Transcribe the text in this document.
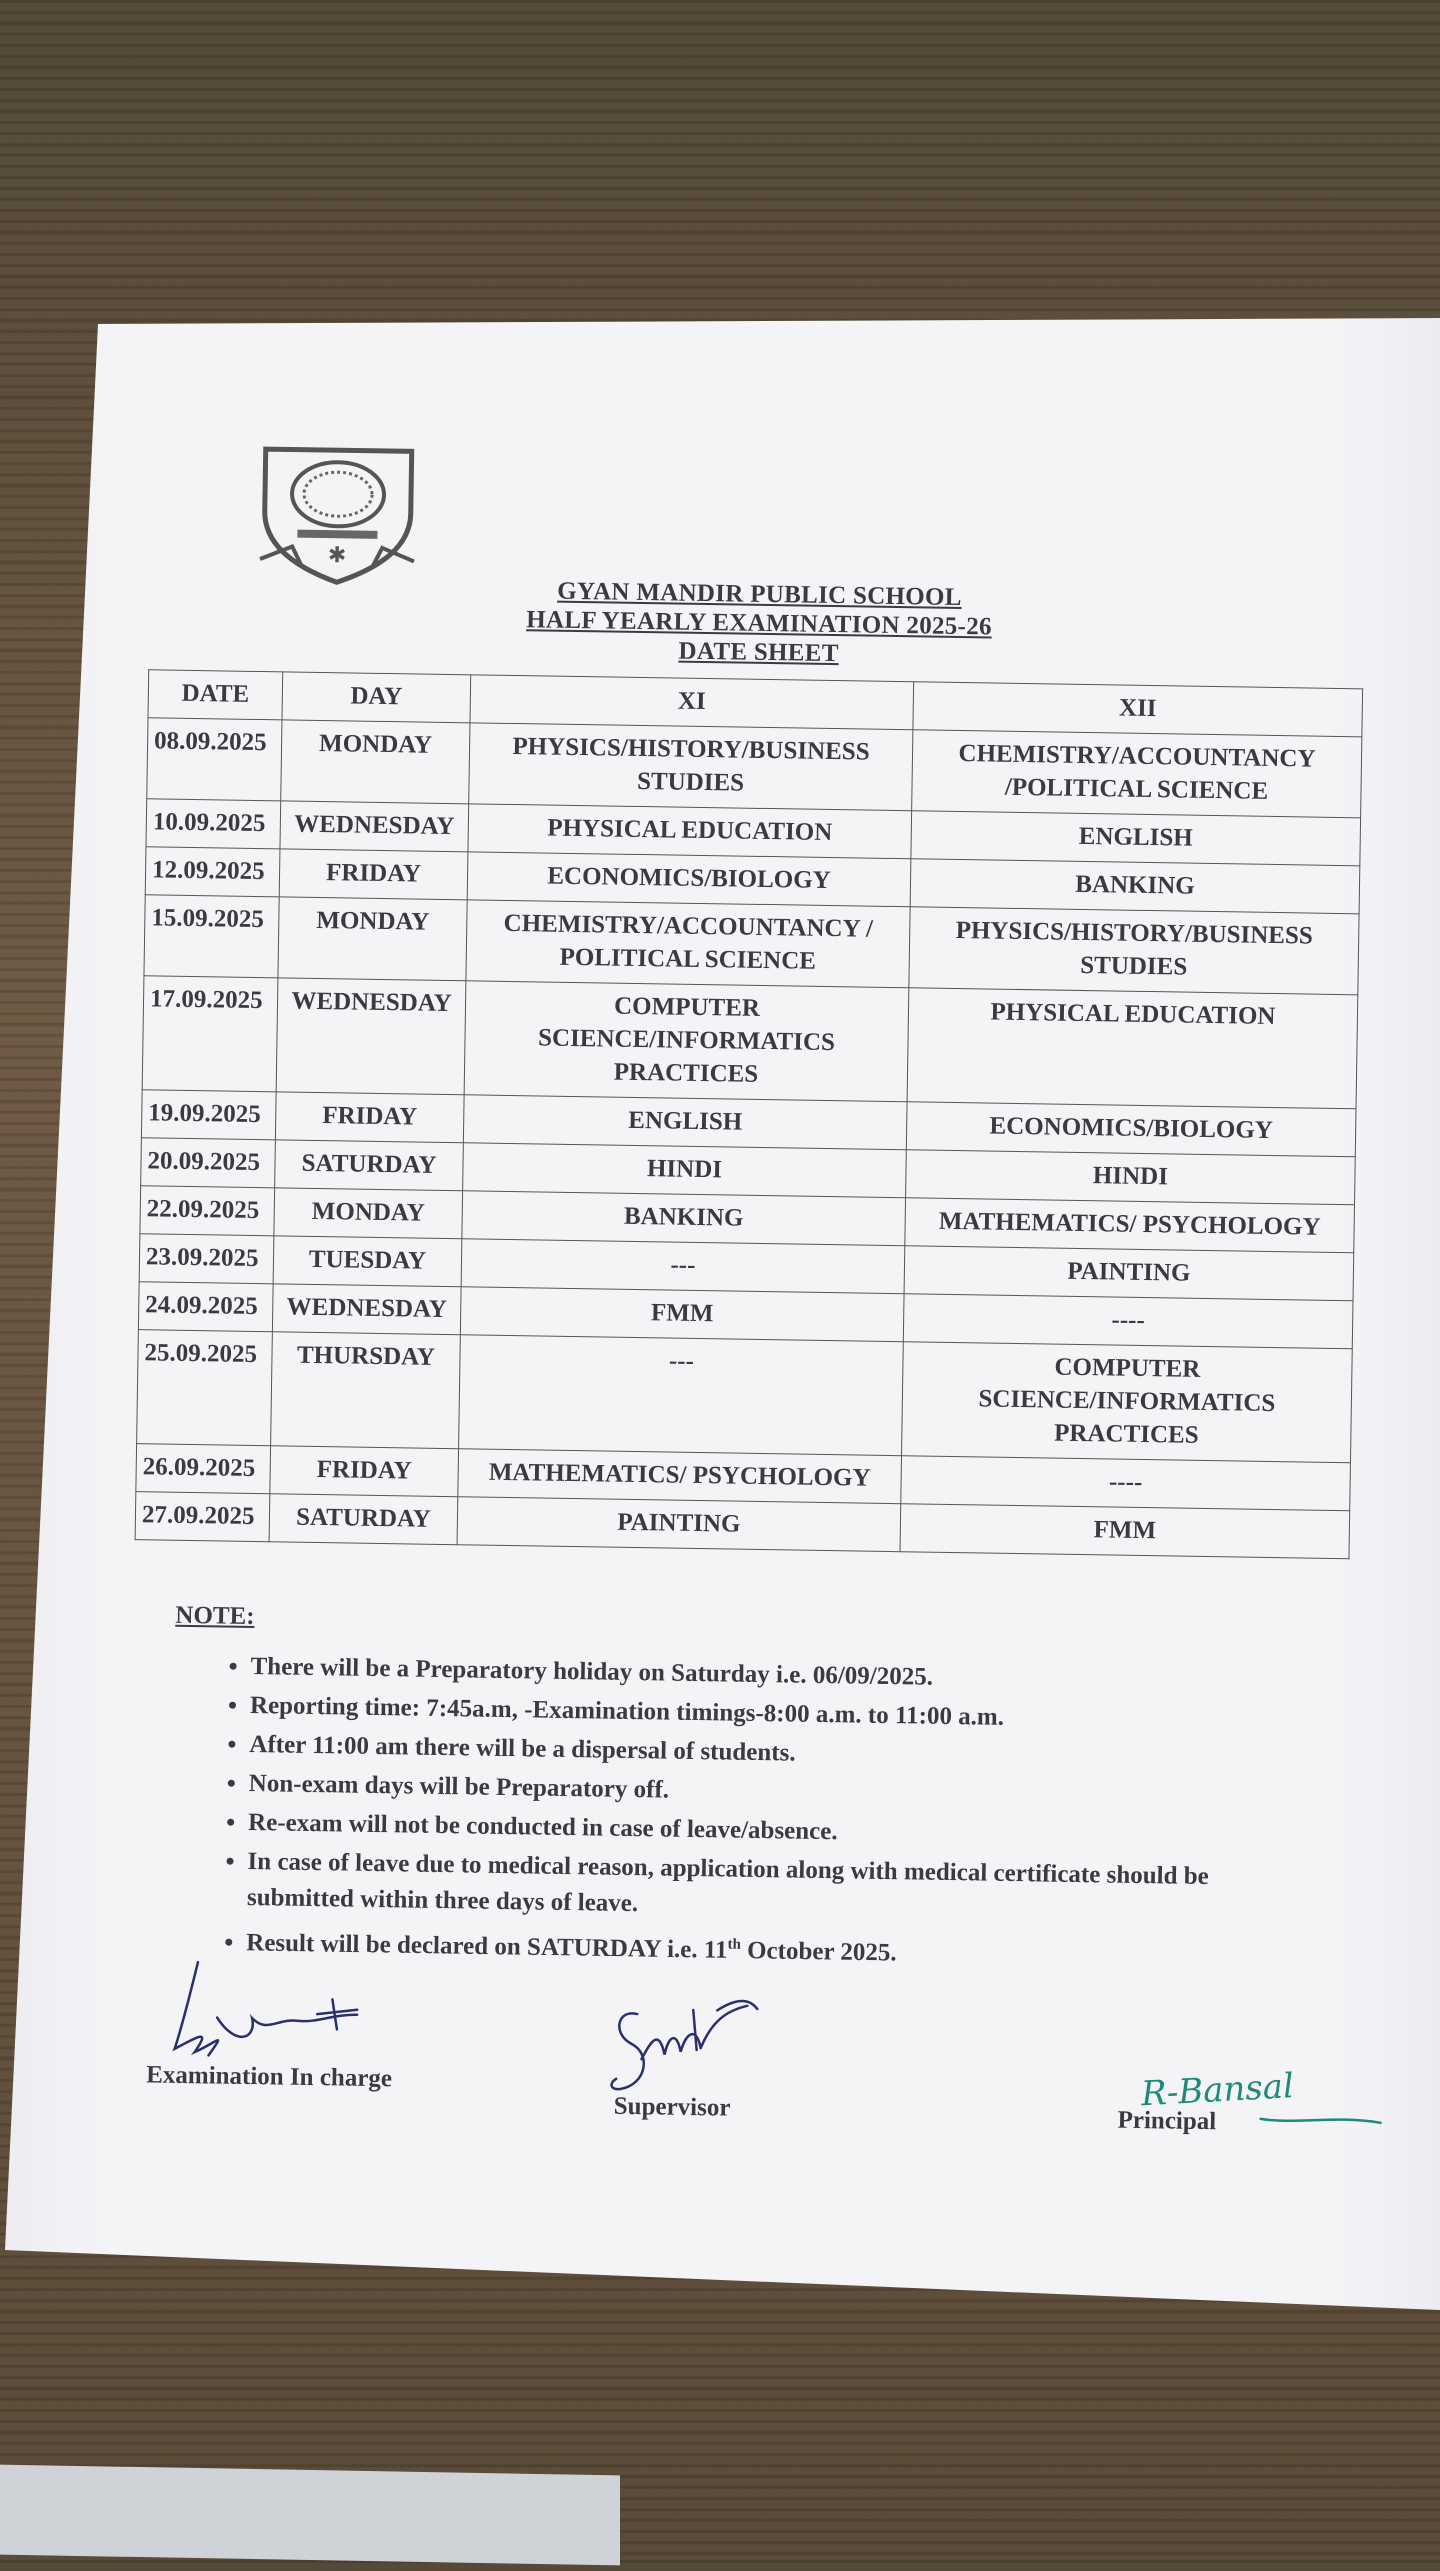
✱
GYAN MANDIR PUBLIC SCHOOL
HALF YEARLY EXAMINATION 2025-26
DATE SHEET
DATE	DAY	XI	XII
08.09.2025	MONDAY	PHYSICS/HISTORY/BUSINESS STUDIES	CHEMISTRY/ACCOUNTANCY /POLITICAL SCIENCE
10.09.2025	WEDNESDAY	PHYSICAL EDUCATION	ENGLISH
12.09.2025	FRIDAY	ECONOMICS/BIOLOGY	BANKING
15.09.2025	MONDAY	CHEMISTRY/ACCOUNTANCY / POLITICAL SCIENCE	PHYSICS/HISTORY/BUSINESS STUDIES
17.09.2025	WEDNESDAY	COMPUTER SCIENCE/INFORMATICS PRACTICES	PHYSICAL EDUCATION
19.09.2025	FRIDAY	ENGLISH	ECONOMICS/BIOLOGY
20.09.2025	SATURDAY	HINDI	HINDI
22.09.2025	MONDAY	BANKING	MATHEMATICS/ PSYCHOLOGY
23.09.2025	TUESDAY	---	PAINTING
24.09.2025	WEDNESDAY	FMM	----
25.09.2025	THURSDAY	---	COMPUTER SCIENCE/INFORMATICS PRACTICES
26.09.2025	FRIDAY	MATHEMATICS/ PSYCHOLOGY	----
27.09.2025	SATURDAY	PAINTING	FMM
NOTE:
• There will be a Preparatory holiday on Saturday i.e. 06/09/2025.
• Reporting time: 7:45a.m, -Examination timings-8:00 a.m. to 11:00 a.m.
• After 11:00 am there will be a dispersal of students.
• Non-exam days will be Preparatory off.
• Re-exam will not be conducted in case of leave/absence.
• In case of leave due to medical reason, application along with medical certificate should be submitted within three days of leave.
• Result will be declared on SATURDAY i.e. 11th October 2025.
Examination In charge
Supervisor	R-Bansal
Principal
